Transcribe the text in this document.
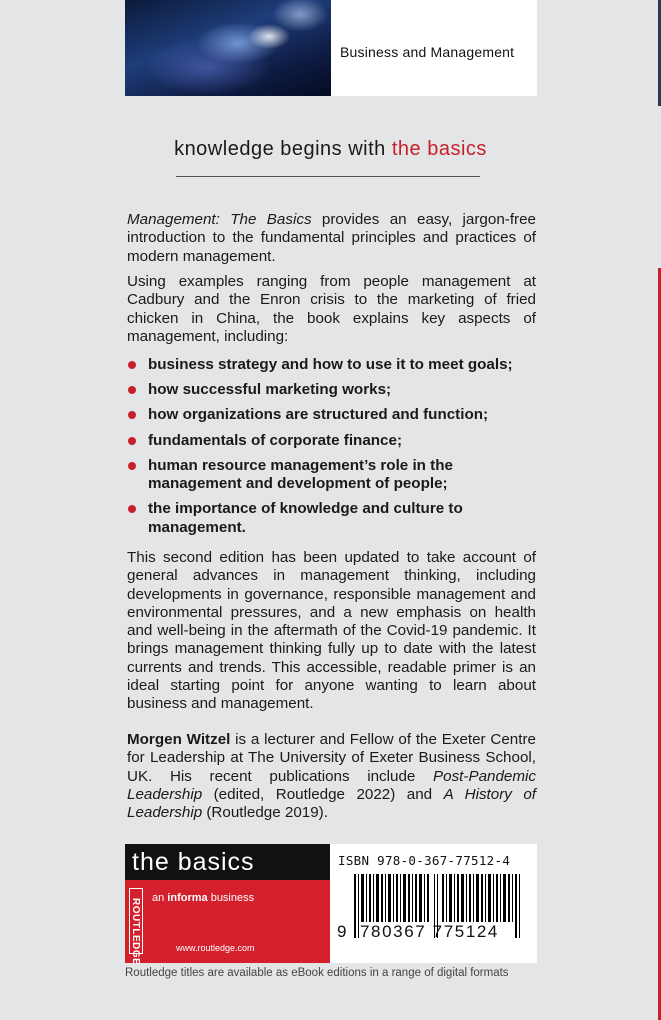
Business and Management
knowledge begins with the basics
Management: The Basics provides an easy, jargon-free introduction to the fundamental principles and practices of modern management.
Using examples ranging from people management at Cadbury and the Enron crisis to the marketing of fried chicken in China, the book explains key aspects of management, including:
business strategy and how to use it to meet goals;
how successful marketing works;
how organizations are structured and function;
fundamentals of corporate finance;
human resource management’s role in the management and development of people;
the importance of knowledge and culture to management.
This second edition has been updated to take account of general advances in management thinking, including developments in governance, responsible management and environmental pressures, and a new emphasis on health and well-being in the aftermath of the Covid-19 pandemic. It brings management thinking fully up to date with the latest currents and trends. This accessible, readable primer is an ideal starting point for anyone wanting to learn about business and management.
Morgen Witzel is a lecturer and Fellow of the Exeter Centre for Leadership at The University of Exeter Business School, UK. His recent publications include Post-Pandemic Leadership (edited, Routledge 2022) and A History of Leadership (Routledge 2019).
the basics
ROUTLEDGE an informa business
www.routledge.com
ISBN 978-0-367-77512-4
9 780367 775124
Routledge titles are available as eBook editions in a range of digital formats
